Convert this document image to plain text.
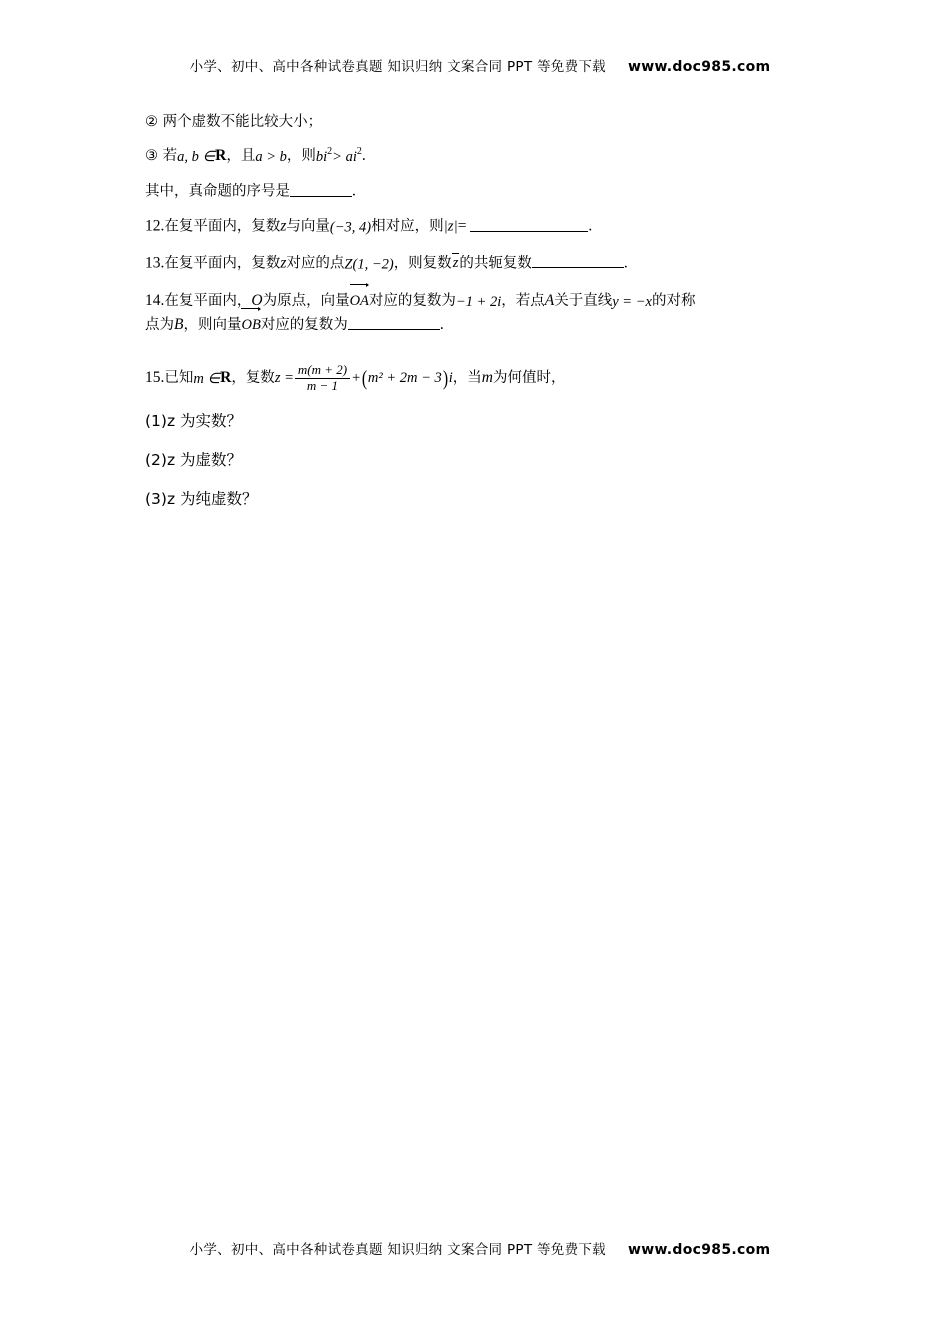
小学、初中、高中各种试卷真题 知识归纳 文案合同 PPT 等免费下载 www.doc985.com
② 两个虚数不能比较大小；
③ 若a, b ∈R，且a > b，则$bi^2> ai^2$.
其中，真命题的序号是	.
12.在复平面内，复数z与向量(−3, 4)相对应，则|z|=	.
13.在复平面内，复数z对应的点Z(1, −2)，则复数z的共轭复数	.
14.在复平面内，O为原点，向量
OA对应的复数为−1 + 2i，若点A关于直线y = −x的对称
点为B，则向量
OB对应的复数为	.
15.已知m ∈R，复数$z = \frac{m(m + 2)}{m - 1} +(m^2 + 2m - 3)i$，当m为何值时，
(1)z 为实数？
(2)z 为虚数？
(3)z 为纯虚数？
小学、初中、高中各种试卷真题 知识归纳 文案合同 PPT 等免费下载 www.doc985.com
